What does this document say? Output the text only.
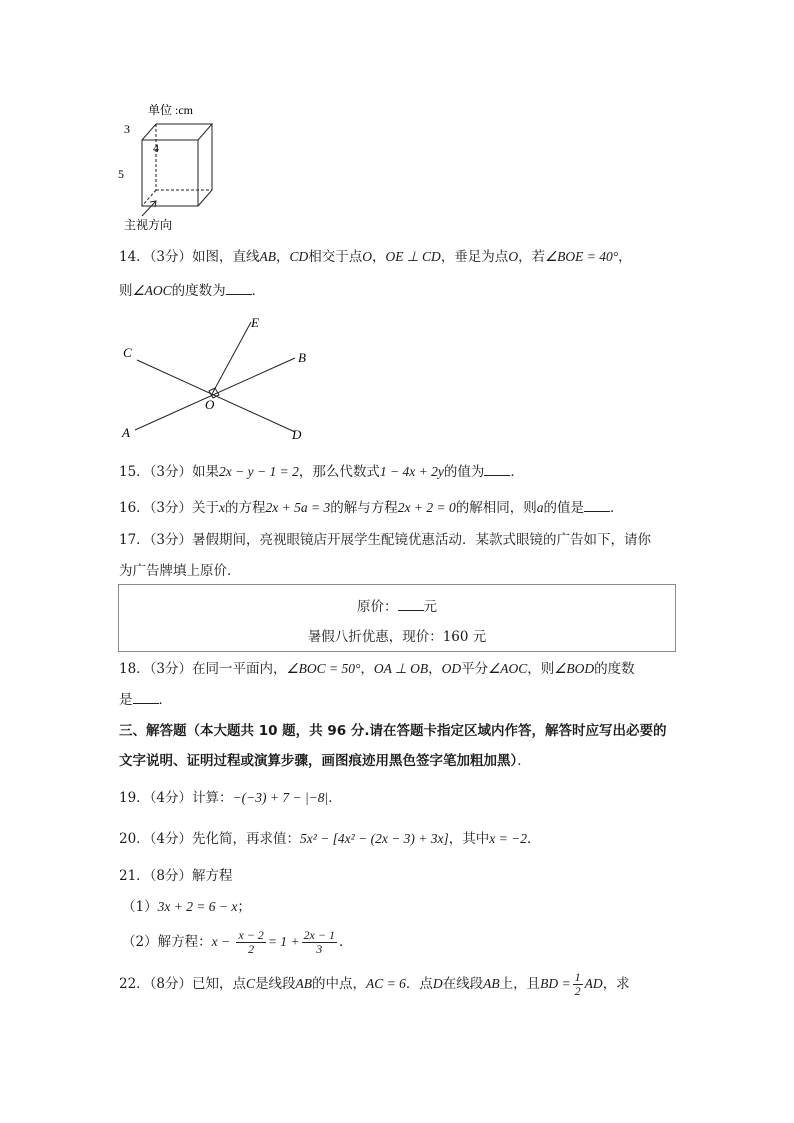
单位 :cm
3
4
5
主视方向
14．（3分）如图，直线AB，CD相交于点O，OE ⊥ CD，垂足为点O，若∠BOE = 40°，
则∠AOC的度数为 ．
E
C	B
O
A	D
15．（3分）如果2x − y − 1 = 2，那么代数式1 − 4x + 2y的值为 ．
16．（3分）关于x的方程2x + 5a = 3的解与方程2x + 2 = 0的解相同，则a的值是 ．
17．（3分）暑假期间，亮视眼镜店开展学生配镜优惠活动．某款式眼镜的广告如下，请你
为广告牌填上原价．
原价： 元
暑假八折优惠，现价：160 元
18．（3分）在同一平面内，∠BOC = 50°，OA ⊥ OB，OD平分∠AOC，则∠BOD的度数
是 ．
三、解答题（本大题共 10 题，共 96 分.请在答题卡指定区域内作答，解答时应写出必要的
文字说明、证明过程或演算步骤，画图痕迹用黑色签字笔加粗加黑）．
19．（4分）计算：−(−3) + 7 − |−8|．
20．（4分）先化简，再求值：5x² − [4x² − (2x − 3) + 3x]，其中x = −2．
21．（8分）解方程
（1）3x + 2 = 6 − x；
（2）解方程：$x - \frac{x - 2}{2} = 1 + \frac{2x - 1}{3}$ ．
22．（8分）已知，点C是线段AB的中点，AC = 6．点D在线段AB上，且BD = $\frac{1}{2}$ AD，求
